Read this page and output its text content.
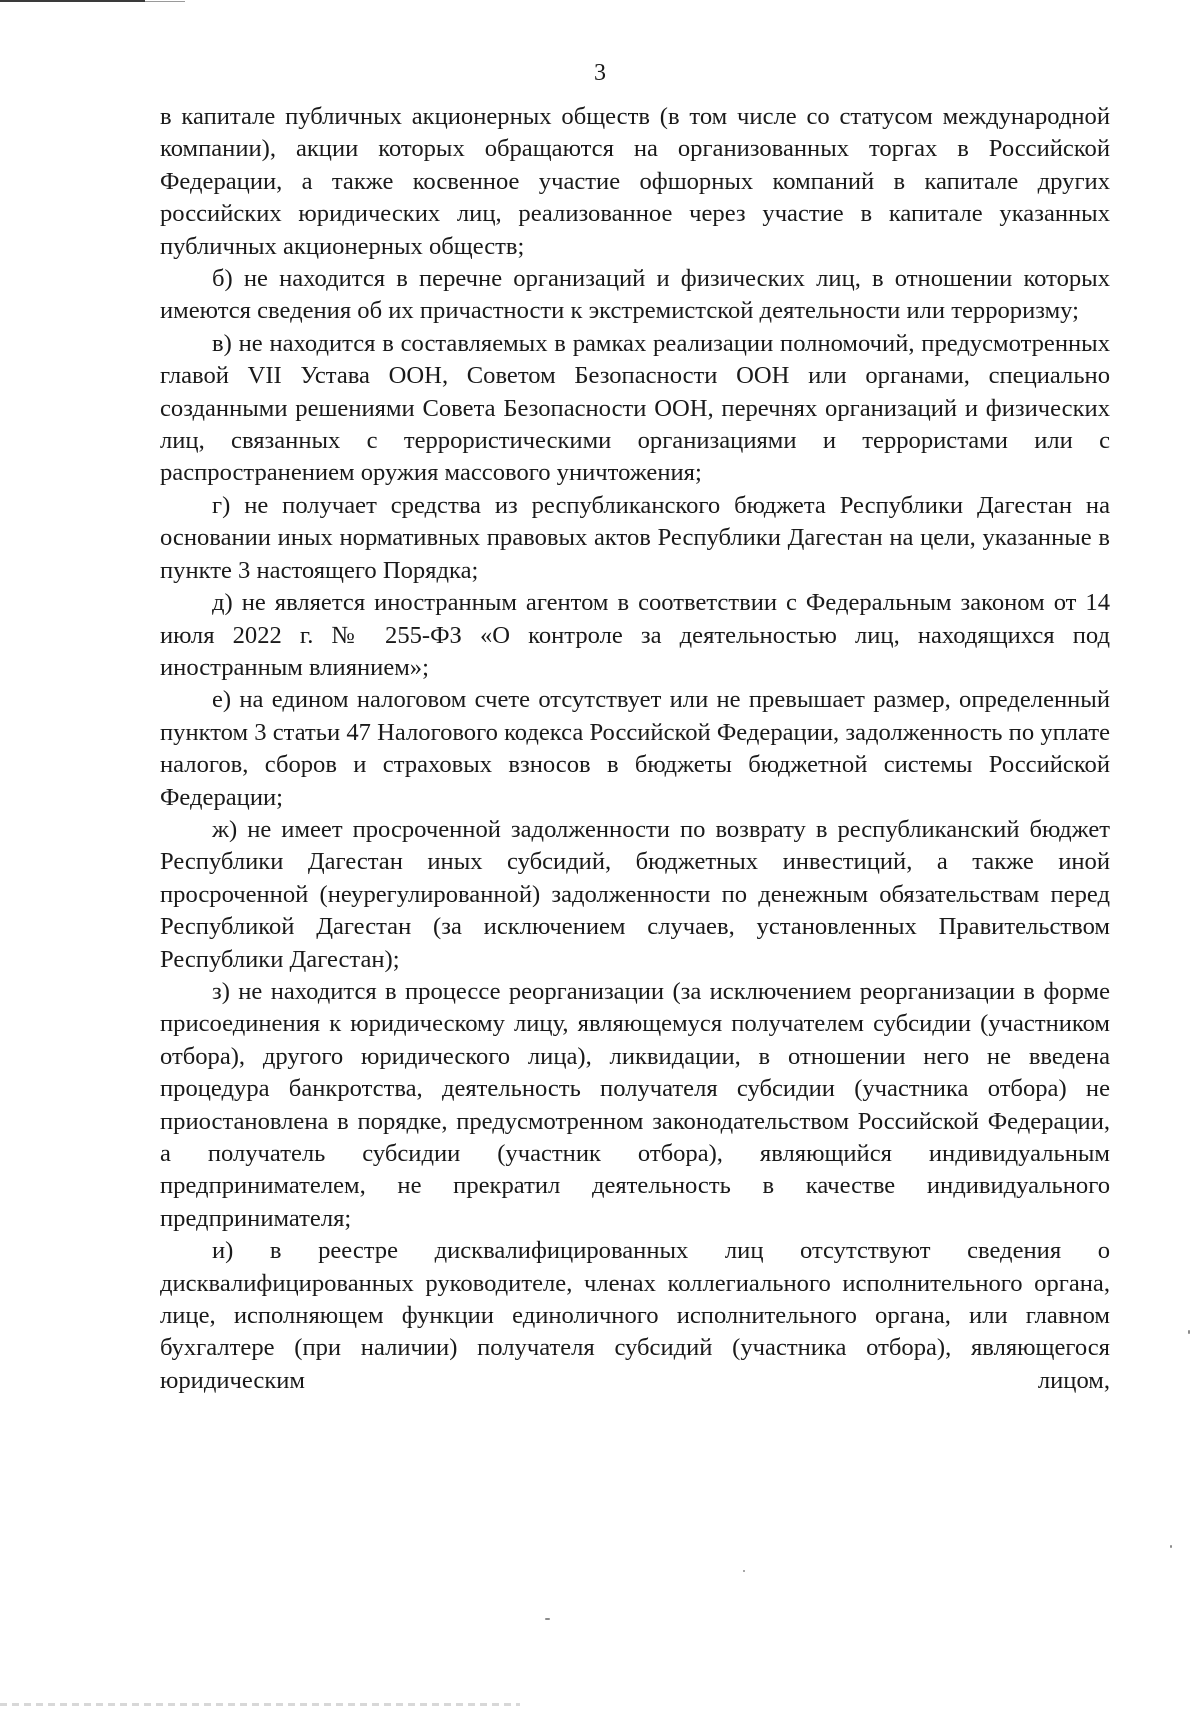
3

в капитале публичных акционерных обществ (в том числе со статусом международной компании), акции которых обращаются на организованных торгах в Российской Федерации, а также косвенное участие офшорных компаний в капитале других российских юридических лиц, реализованное через участие в капитале указанных публичных акционерных обществ;

б) не находится в перечне организаций и физических лиц, в отношении которых имеются сведения об их причастности к экстремистской деятельности или терроризму;

в) не находится в составляемых в рамках реализации полномочий, предусмотренных главой VII Устава ООН, Советом Безопасности ООН или органами, специально созданными решениями Совета Безопасности ООН, перечнях организаций и физических лиц, связанных с террористическими организациями и террористами или с распространением оружия массового уничтожения;

г) не получает средства из республиканского бюджета Республики Дагестан на основании иных нормативных правовых актов Республики Дагестан на цели, указанные в пункте 3 настоящего Порядка;

д) не является иностранным агентом в соответствии с Федеральным законом от 14 июля 2022 г. № 255-ФЗ «О контроле за деятельностью лиц, находящихся под иностранным влиянием»;

е) на едином налоговом счете отсутствует или не превышает размер, определенный пунктом 3 статьи 47 Налогового кодекса Российской Федерации, задолженность по уплате налогов, сборов и страховых взносов в бюджеты бюджетной системы Российской Федерации;

ж) не имеет просроченной задолженности по возврату в республиканский бюджет Республики Дагестан иных субсидий, бюджетных инвестиций, а также иной просроченной (неурегулированной) задолженности по денежным обязательствам перед Республикой Дагестан (за исключением случаев, установленных Правительством Республики Дагестан);

з) не находится в процессе реорганизации (за исключением реорганизации в форме присоединения к юридическому лицу, являющемуся получателем субсидии (участником отбора), другого юридического лица), ликвидации, в отношении него не введена процедура банкротства, деятельность получателя субсидии (участника отбора) не приостановлена в порядке, предусмотренном законодательством Российской Федерации, а получатель субсидии (участник отбора), являющийся индивидуальным предпринимателем, не прекратил деятельность в качестве индивидуального предпринимателя;

и) в реестре дисквалифицированных лиц отсутствуют сведения о дисквалифицированных руководителе, членах коллегиального исполнительного органа, лице, исполняющем функции единоличного исполнительного органа, или главном бухгалтере (при наличии) получателя субсидий (участника отбора), являющегося юридическим лицом,
